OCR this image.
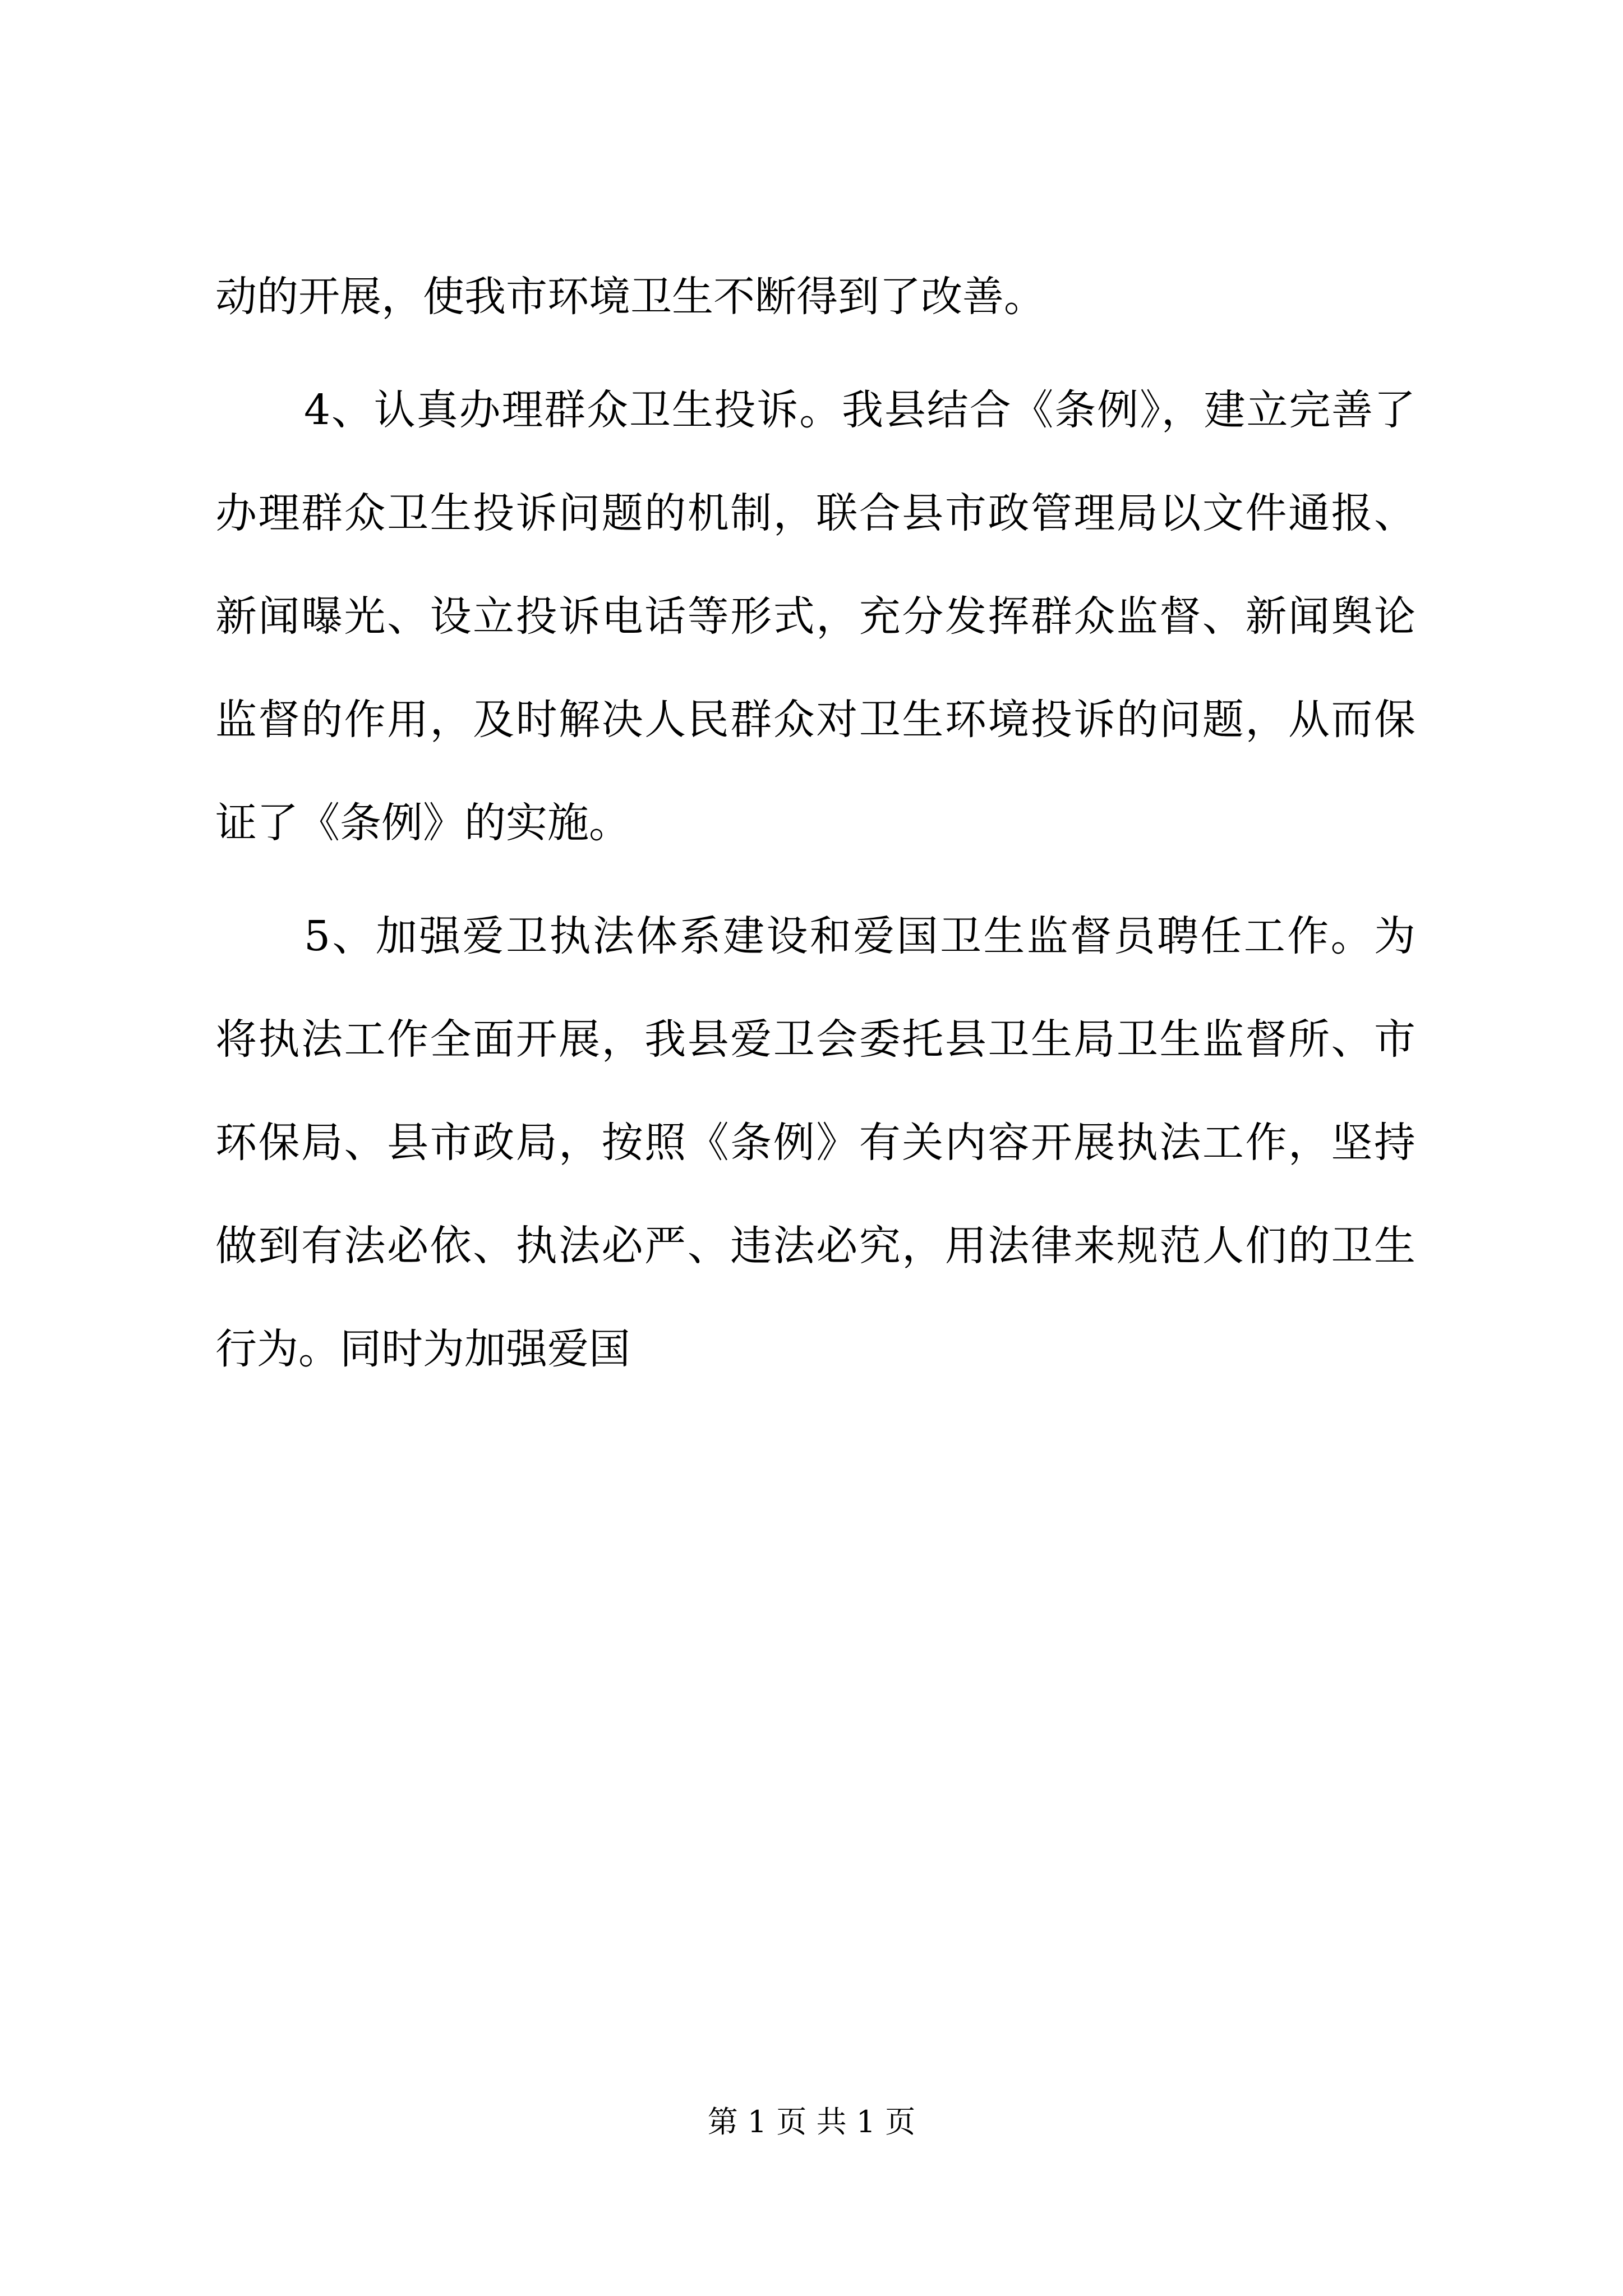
动的开展，使我市环境卫生不断得到了改善。
4、认真办理群众卫生投诉。我县结合《条例》，建立完善了
办理群众卫生投诉问题的机制，联合县市政管理局以文件通报、
新闻曝光、设立投诉电话等形式，充分发挥群众监督、新闻舆论
监督的作用，及时解决人民群众对卫生环境投诉的问题，从而保
证了《条例》的实施。
5、加强爱卫执法体系建设和爱国卫生监督员聘任工作。为
将执法工作全面开展，我县爱卫会委托县卫生局卫生监督所、市
环保局、县市政局，按照《条例》有关内容开展执法工作，坚持
做到有法必依、执法必严、违法必究，用法律来规范人们的卫生
行为。同时为加强爱国
第 1 页 共 1 页
